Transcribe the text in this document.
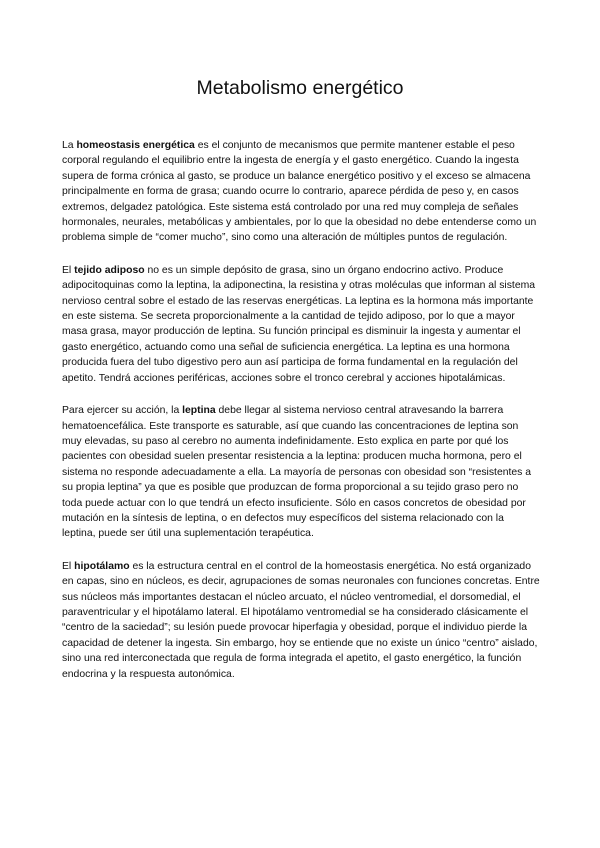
Metabolismo energético

La homeostasis energética es el conjunto de mecanismos que permite mantener estable el peso corporal regulando el equilibrio entre la ingesta de energía y el gasto energético. Cuando la ingesta supera de forma crónica al gasto, se produce un balance energético positivo y el exceso se almacena principalmente en forma de grasa; cuando ocurre lo contrario, aparece pérdida de peso y, en casos extremos, delgadez patológica. Este sistema está controlado por una red muy compleja de señales hormonales, neurales, metabólicas y ambientales, por lo que la obesidad no debe entenderse como un problema simple de “comer mucho”, sino como una alteración de múltiples puntos de regulación.

El tejido adiposo no es un simple depósito de grasa, sino un órgano endocrino activo. Produce adipocitoquinas como la leptina, la adiponectina, la resistina y otras moléculas que informan al sistema nervioso central sobre el estado de las reservas energéticas. La leptina es la hormona más importante en este sistema. Se secreta proporcionalmente a la cantidad de tejido adiposo, por lo que a mayor masa grasa, mayor producción de leptina. Su función principal es disminuir la ingesta y aumentar el gasto energético, actuando como una señal de suficiencia energética. La leptina es una hormona producida fuera del tubo digestivo pero aun así participa de forma fundamental en la regulación del apetito. Tendrá acciones periféricas, acciones sobre el tronco cerebral y acciones hipotalámicas.

Para ejercer su acción, la leptina debe llegar al sistema nervioso central atravesando la barrera hematoencefálica. Este transporte es saturable, así que cuando las concentraciones de leptina son muy elevadas, su paso al cerebro no aumenta indefinidamente. Esto explica en parte por qué los pacientes con obesidad suelen presentar resistencia a la leptina: producen mucha hormona, pero el sistema no responde adecuadamente a ella. La mayoría de personas con obesidad son “resistentes a su propia leptina” ya que es posible que produzcan de forma proporcional a su tejido graso pero no toda puede actuar con lo que tendrá un efecto insuficiente. Sólo en casos concretos de obesidad por mutación en la síntesis de leptina, o en defectos muy específicos del sistema relacionado con la leptina, puede ser útil una suplementación terapéutica.

El hipotálamo es la estructura central en el control de la homeostasis energética. No está organizado en capas, sino en núcleos, es decir, agrupaciones de somas neuronales con funciones concretas. Entre sus núcleos más importantes destacan el núcleo arcuato, el núcleo ventromedial, el dorsomedial, el paraventricular y el hipotálamo lateral. El hipotálamo ventromedial se ha considerado clásicamente el “centro de la saciedad”; su lesión puede provocar hiperfagia y obesidad, porque el individuo pierde la capacidad de detener la ingesta. Sin embargo, hoy se entiende que no existe un único “centro” aislado, sino una red interconectada que regula de forma integrada el apetito, el gasto energético, la función endocrina y la respuesta autonómica.
